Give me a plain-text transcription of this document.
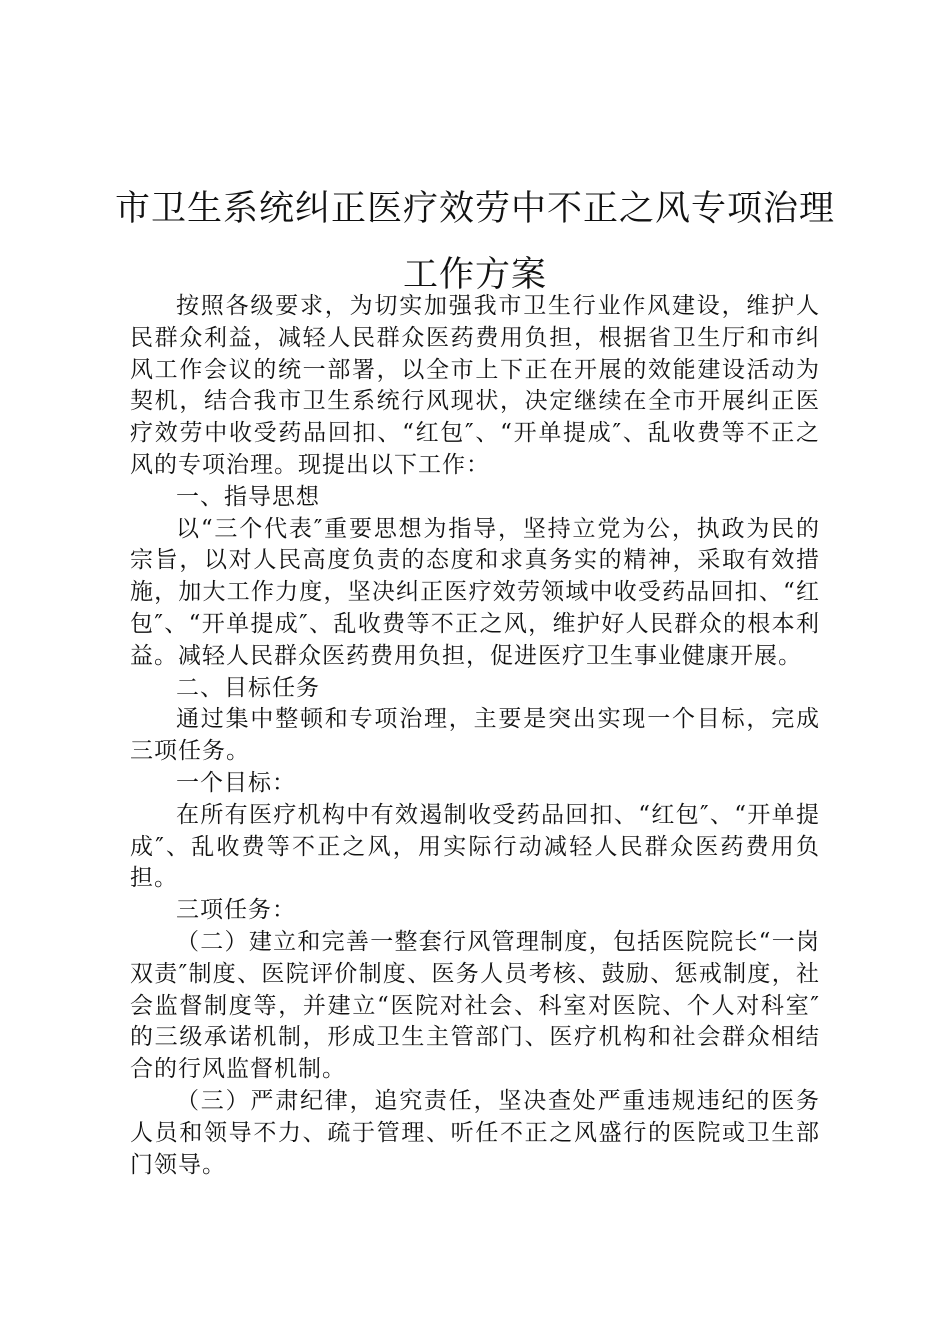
市卫生系统纠正医疗效劳中不正之风专项治理
工作方案

按照各级要求，为切实加强我市卫生行业作风建设，维护人民群众利益，减轻人民群众医药费用负担，根据省卫生厅和市纠风工作会议的统一部署，以全市上下正在开展的效能建设活动为契机，结合我市卫生系统行风现状，决定继续在全市开展纠正医疗效劳中收受药品回扣、“红包″、“开单提成″、乱收费等不正之风的专项治理。现提出以下工作：

一、指导思想

以“三个代表″重要思想为指导，坚持立党为公，执政为民的宗旨，以对人民高度负责的态度和求真务实的精神，采取有效措施，加大工作力度，坚决纠正医疗效劳领域中收受药品回扣、“红包″、“开单提成″、乱收费等不正之风，维护好人民群众的根本利益。减轻人民群众医药费用负担，促进医疗卫生事业健康开展。

二、目标任务

通过集中整顿和专项治理，主要是突出实现一个目标，完成三项任务。

一个目标：

在所有医疗机构中有效遏制收受药品回扣、“红包″、“开单提成″、乱收费等不正之风，用实际行动减轻人民群众医药费用负担。

三项任务：

（二）建立和完善一整套行风管理制度，包括医院院长“一岗双责″制度、医院评价制度、医务人员考核、鼓励、惩戒制度，社会监督制度等，并建立“医院对社会、科室对医院、个人对科室″的三级承诺机制，形成卫生主管部门、医疗机构和社会群众相结合的行风监督机制。

（三）严肃纪律，追究责任，坚决查处严重违规违纪的医务人员和领导不力、疏于管理、听任不正之风盛行的医院或卫生部门领导。
